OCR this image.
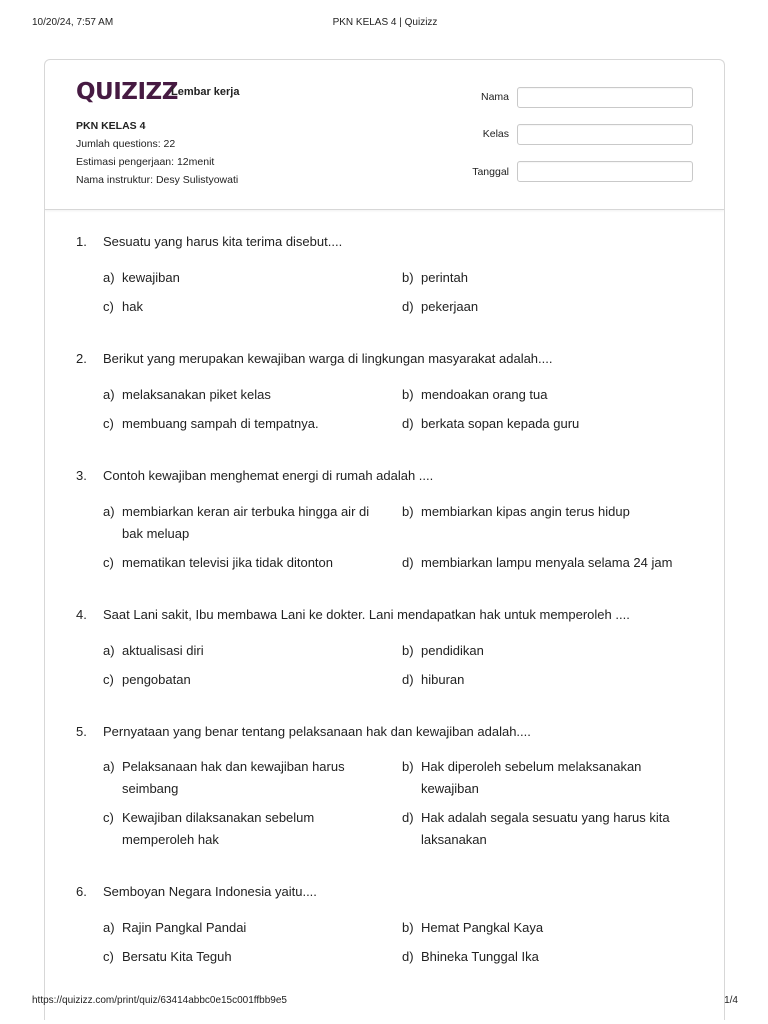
10/20/24, 7:57 AM	PKN KELAS 4 | Quizizz
QUIZIZZ
Lembar kerja
PKN KELAS 4
Jumlah questions: 22
Estimasi pengerjaan: 12menit
Nama instruktur: Desy Sulistyowati
Nama
Kelas
Tanggal
1. Sesuatu yang harus kita terima disebut....
a) kewajiban	b) perintah
c) hak	d) pekerjaan
2. Berikut yang merupakan kewajiban warga di lingkungan masyarakat adalah....
a) melaksanakan piket kelas	b) mendoakan orang tua
c) membuang sampah di tempatnya.	d) berkata sopan kepada guru
3. Contoh kewajiban menghemat energi di rumah adalah ....
a) membiarkan keran air terbuka hingga air di bak meluap
b) membiarkan kipas angin terus hidup
c) mematikan televisi jika tidak ditonton	d) membiarkan lampu menyala selama 24 jam
4. Saat Lani sakit, Ibu membawa Lani ke dokter. Lani mendapatkan hak untuk memperoleh ....
a) aktualisasi diri	b) pendidikan
c) pengobatan	d) hiburan
5. Pernyataan yang benar tentang pelaksanaan hak dan kewajiban adalah....
a) Pelaksanaan hak dan kewajiban harus seimbang
b) Hak diperoleh sebelum melaksanakan kewajiban
c) Kewajiban dilaksanakan sebelum memperoleh hak
d) Hak adalah segala sesuatu yang harus kita laksanakan
6. Semboyan Negara Indonesia yaitu....
a) Rajin Pangkal Pandai	b) Hemat Pangkal Kaya
c) Bersatu Kita Teguh	d) Bhineka Tunggal Ika
https://quizizz.com/print/quiz/63414abbc0e15c001ffbb9e5	1/4
